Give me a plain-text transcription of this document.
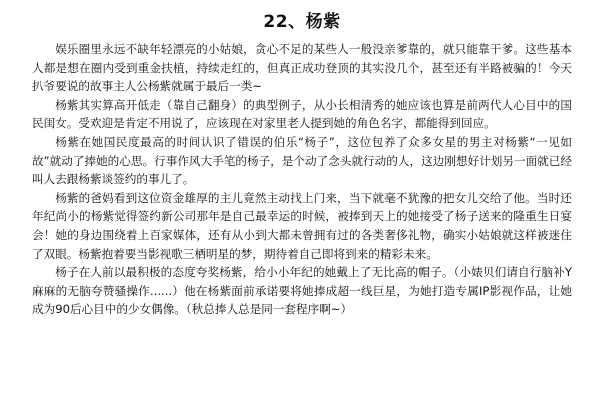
22、杨紫

娱乐圈里永远不缺年轻漂亮的小姑娘，贪心不足的某些人一般没亲爹靠的，就只能靠干爹。这些基本人都是想在圈内受到重金扶植，持续走红的，但真正成功登顶的其实没几个，甚至还有半路被骗的！今天扒爷要说的故事主人公杨紫就属于最后一类~

杨紫其实算高开低走（靠自己翻身）的典型例子，从小长相清秀的她应该也算是前两代人心目中的国民闺女。受欢迎是肯定不用说了，应该现在对家里老人提到她的角色名字，都能得到回应。

杨紫在她国民度最高的时间认识了错误的伯乐“杨子”，这位包养了众多女星的男主对杨紫“一见如故”就动了捧她的心思。行事作风大手笔的杨子，是个动了念头就行动的人，这边刚想好计划另一面就已经叫人去跟杨紫谈签约的事儿了。

杨紫的爸妈看到这位资金雄厚的主儿竟然主动找上门来，当下就毫不犹豫的把女儿交给了他。当时还年纪尚小的杨紫觉得签约新公司那年是自己最幸运的时候，被捧到天上的她接受了杨子送来的隆重生日宴会！她的身边围绕着上百家媒体，还有从小到大都未曾拥有过的各类奢侈礼物，确实小姑娘就这样被迷住了双眼。杨紫抱着要当影视歌三栖明星的梦，期待着自己即将到来的精彩未来。

杨子在人前以最积极的态度夸奖杨紫，给小小年纪的她戴上了无比高的帽子。（小婊贝们请自行脑补Y麻麻的无脑夸赞骚操作......）他在杨紫面前承诺要将她捧成超一线巨星，为她打造专属IP影视作品，让她成为90后心目中的少女偶像。（秋总捧人总是同一套程序啊~）
